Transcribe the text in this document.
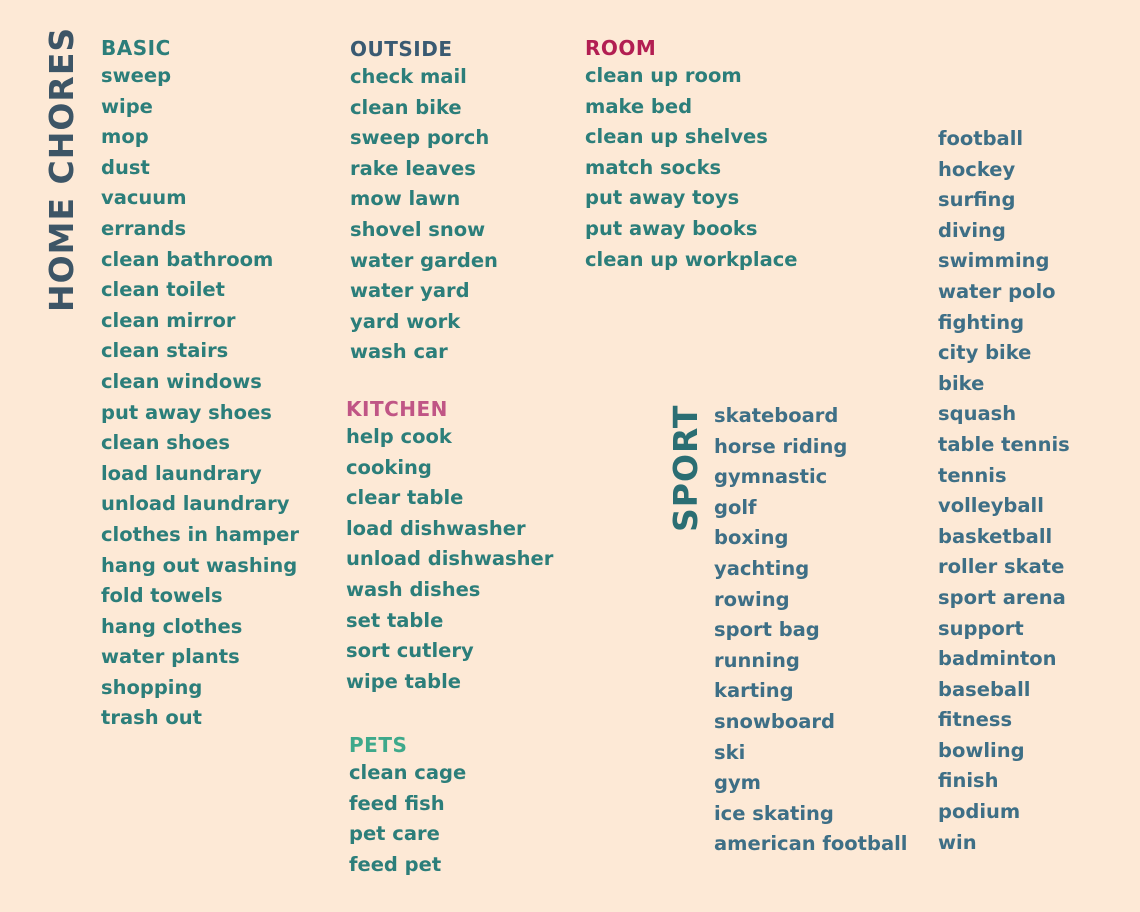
HOME CHORES
SPORT
BASIC
sweep
wipe
mop
dust
vacuum
errands
clean bathroom
clean toilet
clean mirror
clean stairs
clean windows
put away shoes
clean shoes
load laundrary
unload laundrary
clothes in hamper
hang out washing
fold towels
hang clothes
water plants
shopping
trash out
OUTSIDE
check mail
clean bike
sweep porch
rake leaves
mow lawn
shovel snow
water garden
water yard
yard work
wash car
KITCHEN
help cook
cooking
clear table
load dishwasher
unload dishwasher
wash dishes
set table
sort cutlery
wipe table
PETS
clean cage
feed fish
pet care
feed pet
ROOM
clean up room
make bed
clean up shelves
match socks
put away toys
put away books
clean up workplace
skateboard
horse riding
gymnastic
golf
boxing
yachting
rowing
sport bag
running
karting
snowboard
ski
gym
ice skating
american football
football
hockey
surfing
diving
swimming
water polo
fighting
city bike
bike
squash
table tennis
tennis
volleyball
basketball
roller skate
sport arena
support
badminton
baseball
fitness
bowling
finish
podium
win
